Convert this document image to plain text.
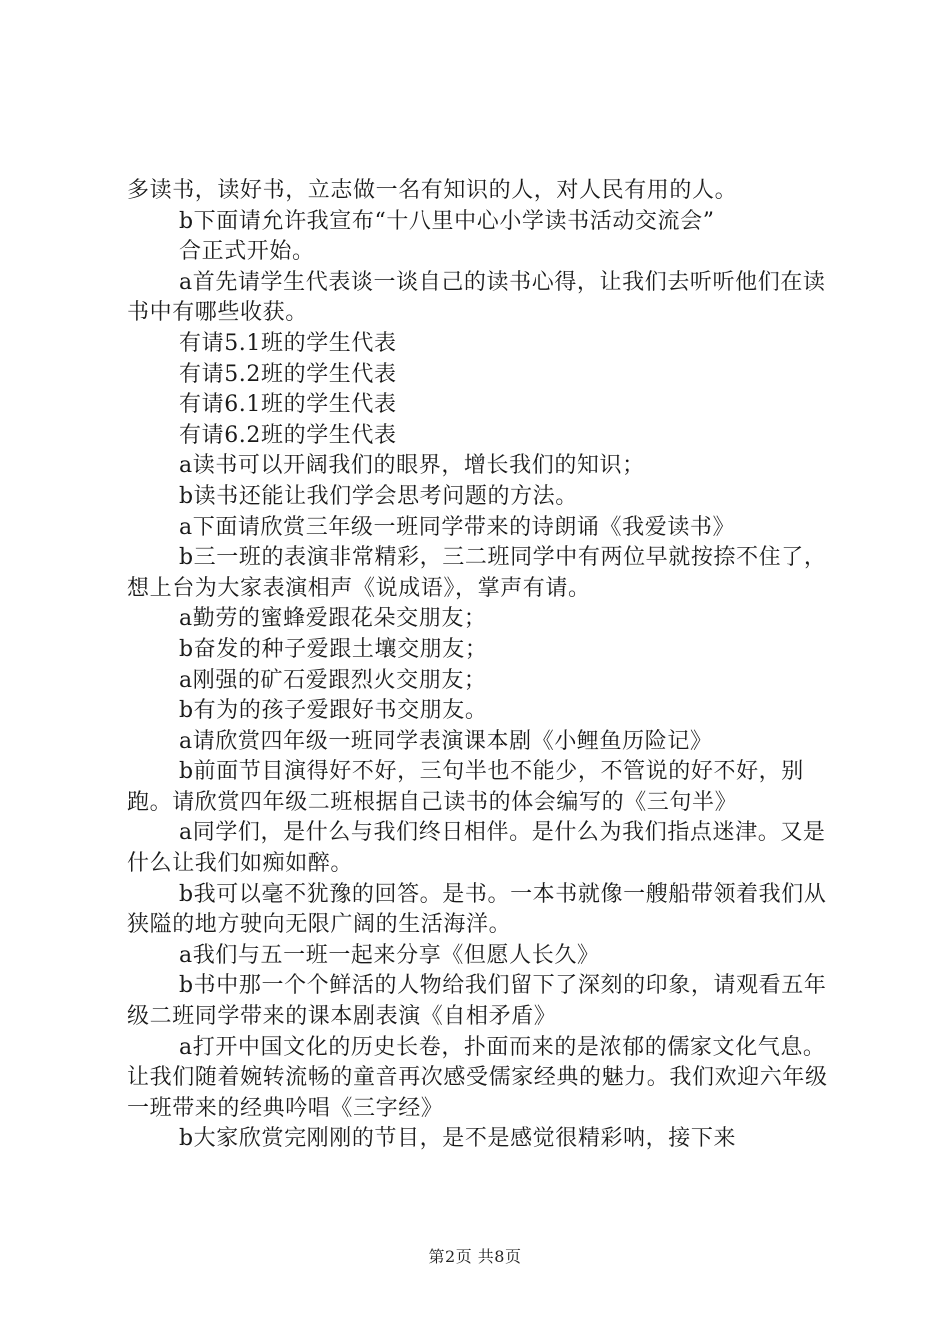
多读书，读好书，立志做一名有知识的人，对人民有用的人。

b下面请允许我宣布“十八里中心小学读书活动交流会”

合正式开始。

a首先请学生代表谈一谈自己的读书心得，让我们去听听他们在读书中有哪些收获。

有请5.1班的学生代表

有请5.2班的学生代表

有请6.1班的学生代表

有请6.2班的学生代表

a读书可以开阔我们的眼界，增长我们的知识；

b读书还能让我们学会思考问题的方法。

a下面请欣赏三年级一班同学带来的诗朗诵《我爱读书》

b三一班的表演非常精彩，三二班同学中有两位早就按捺不住了，想上台为大家表演相声《说成语》，掌声有请。

a勤劳的蜜蜂爱跟花朵交朋友；

b奋发的种子爱跟土壤交朋友；

a刚强的矿石爱跟烈火交朋友；

b有为的孩子爱跟好书交朋友。

a请欣赏四年级一班同学表演课本剧《小鲤鱼历险记》

b前面节目演得好不好，三句半也不能少，不管说的好不好，别跑。请欣赏四年级二班根据自己读书的体会编写的《三句半》

a同学们，是什么与我们终日相伴。是什么为我们指点迷津。又是什么让我们如痴如醉。

b我可以毫不犹豫的回答。是书。一本书就像一艘船带领着我们从狭隘的地方驶向无限广阔的生活海洋。

a我们与五一班一起来分享《但愿人长久》

b书中那一个个鲜活的人物给我们留下了深刻的印象，请观看五年级二班同学带来的课本剧表演《自相矛盾》

a打开中国文化的历史长卷，扑面而来的是浓郁的儒家文化气息。让我们随着婉转流畅的童音再次感受儒家经典的魅力。我们欢迎六年级一班带来的经典吟唱《三字经》

b大家欣赏完刚刚的节目，是不是感觉很精彩呐，接下来

第2页 共8页
